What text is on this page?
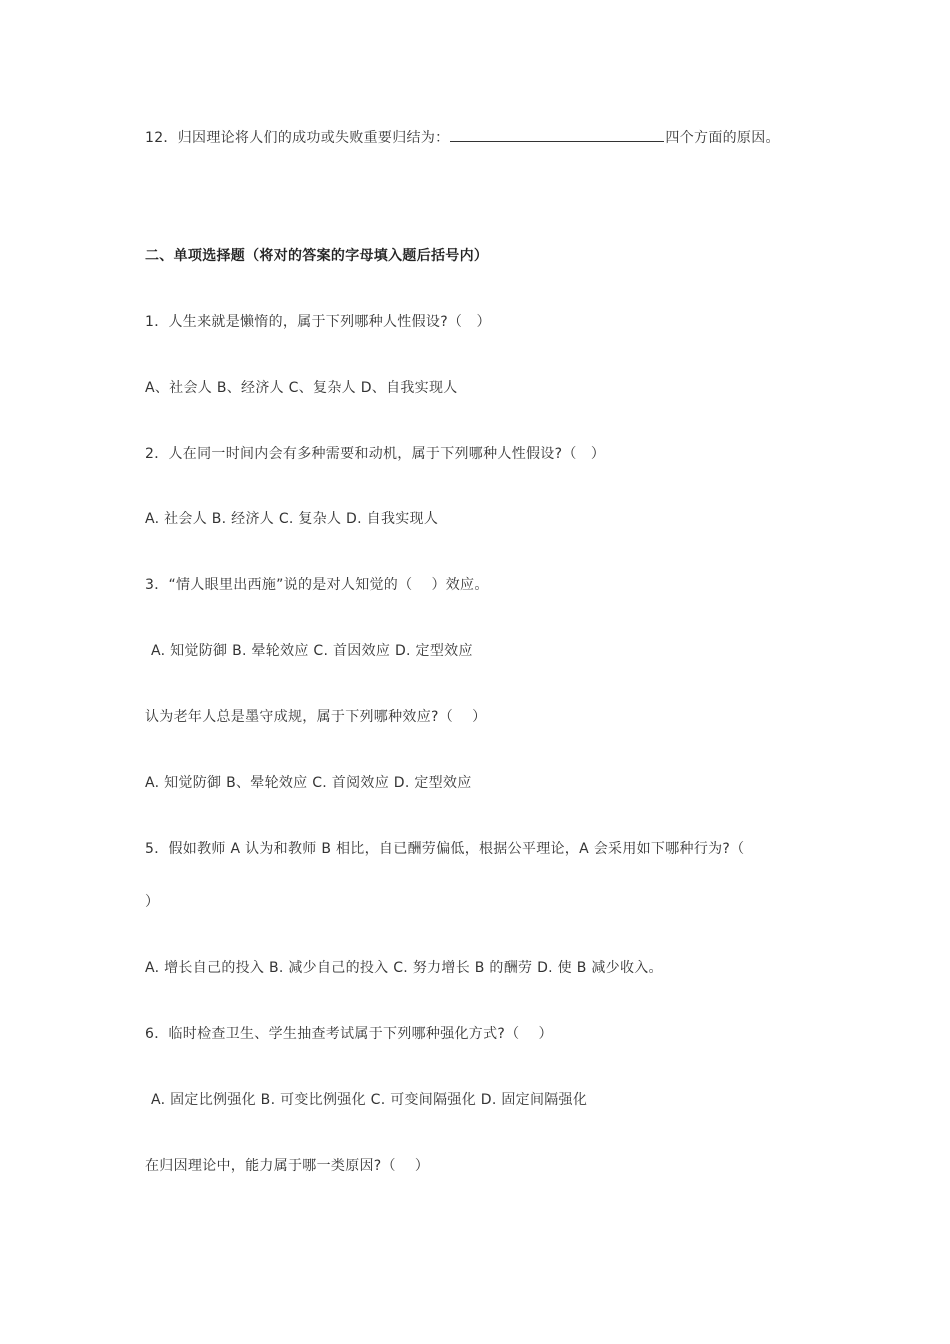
12．归因理论将人们的成功或失败重要归结为：	四个方面的原因。
二、单项选择题（将对的答案的字母填入题后括号内）
1．人生来就是懒惰的，属于下列哪种人性假设?（　）
A、社会人 B、经济人 C、复杂人 D、自我实现人
2．人在同一时间内会有多种需要和动机，属于下列哪种人性假设?（　）
A. 社会人 B. 经济人 C. 复杂人 D. 自我实现人
3．“情人眼里出西施”说的是对人知觉的（　 ）效应。
A. 知觉防御 B. 晕轮效应 C. 首因效应 D. 定型效应
认为老年人总是墨守成规，属于下列哪种效应?（　 ）
A. 知觉防御 B、晕轮效应 C. 首阅效应 D. 定型效应
5．假如教师 A 认为和教师 B 相比，自已酬劳偏低，根据公平理论，A 会采用如下哪种行为?（
）
A. 增长自己的投入 B. 减少自己的投入 C. 努力增长 B 的酬劳 D. 使 B 减少收入。
6．临时检查卫生、学生抽查考试属于下列哪种强化方式?（　 ）
A. 固定比例强化 B. 可变比例强化 C. 可变间隔强化 D. 固定间隔强化
在归因理论中，能力属于哪一类原因?（　 ）
